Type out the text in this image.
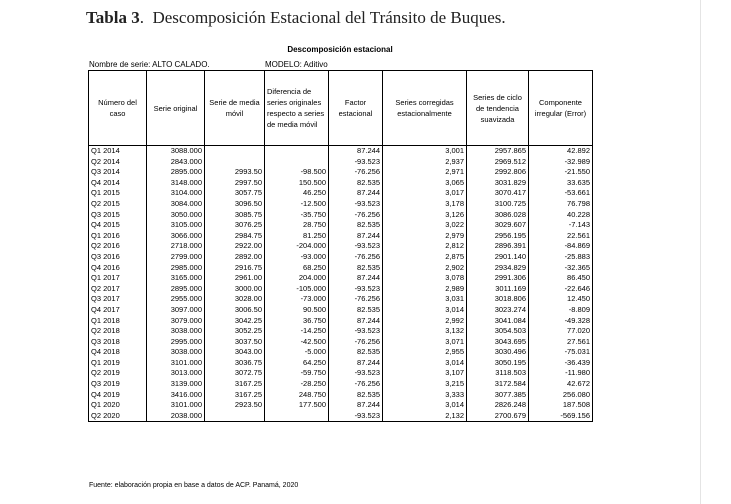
Tabla 3.  Descomposición Estacional del Tránsito de Buques.
Descomposición estacional
Nombre de serie: ALTO CALADO.	MODELO: Aditivo
Número del caso	Serie original	Serie de media móvil	Diferencia de series originales respecto a series de media móvil	Factor estacional	Series corregidas estacionalmente	Series de ciclo de tendencia suavizada	Componente irregular (Error)
Q1 2014	3088.000			87.244	3,001	2957.865	42.892
Q2 2014	2843.000			-93.523	2,937	2969.512	-32.989
Q3 2014	2895.000	2993.50	-98.500	-76.256	2,971	2992.806	-21.550
Q4 2014	3148.000	2997.50	150.500	82.535	3,065	3031.829	33.635
Q1 2015	3104.000	3057.75	46.250	87.244	3,017	3070.417	-53.661
Q2 2015	3084.000	3096.50	-12.500	-93.523	3,178	3100.725	76.798
Q3 2015	3050.000	3085.75	-35.750	-76.256	3,126	3086.028	40.228
Q4 2015	3105.000	3076.25	28.750	82.535	3,022	3029.607	-7.143
Q1 2016	3066.000	2984.75	81.250	87.244	2,979	2956.195	22.561
Q2 2016	2718.000	2922.00	-204.000	-93.523	2,812	2896.391	-84.869
Q3 2016	2799.000	2892.00	-93.000	-76.256	2,875	2901.140	-25.883
Q4 2016	2985.000	2916.75	68.250	82.535	2,902	2934.829	-32.365
Q1 2017	3165.000	2961.00	204.000	87.244	3,078	2991.306	86.450
Q2 2017	2895.000	3000.00	-105.000	-93.523	2,989	3011.169	-22.646
Q3 2017	2955.000	3028.00	-73.000	-76.256	3,031	3018.806	12.450
Q4 2017	3097.000	3006.50	90.500	82.535	3,014	3023.274	-8.809
Q1 2018	3079.000	3042.25	36.750	87.244	2,992	3041.084	-49.328
Q2 2018	3038.000	3052.25	-14.250	-93.523	3,132	3054.503	77.020
Q3 2018	2995.000	3037.50	-42.500	-76.256	3,071	3043.695	27.561
Q4 2018	3038.000	3043.00	-5.000	82.535	2,955	3030.496	-75.031
Q1 2019	3101.000	3036.75	64.250	87.244	3,014	3050.195	-36.439
Q2 2019	3013.000	3072.75	-59.750	-93.523	3,107	3118.503	-11.980
Q3 2019	3139.000	3167.25	-28.250	-76.256	3,215	3172.584	42.672
Q4 2019	3416.000	3167.25	248.750	82.535	3,333	3077.385	256.080
Q1 2020	3101.000	2923.50	177.500	87.244	3,014	2826.248	187.508
Q2 2020	2038.000			-93.523	2,132	2700.679	-569.156
Fuente: elaboración propia en base a datos de ACP. Panamá, 2020
